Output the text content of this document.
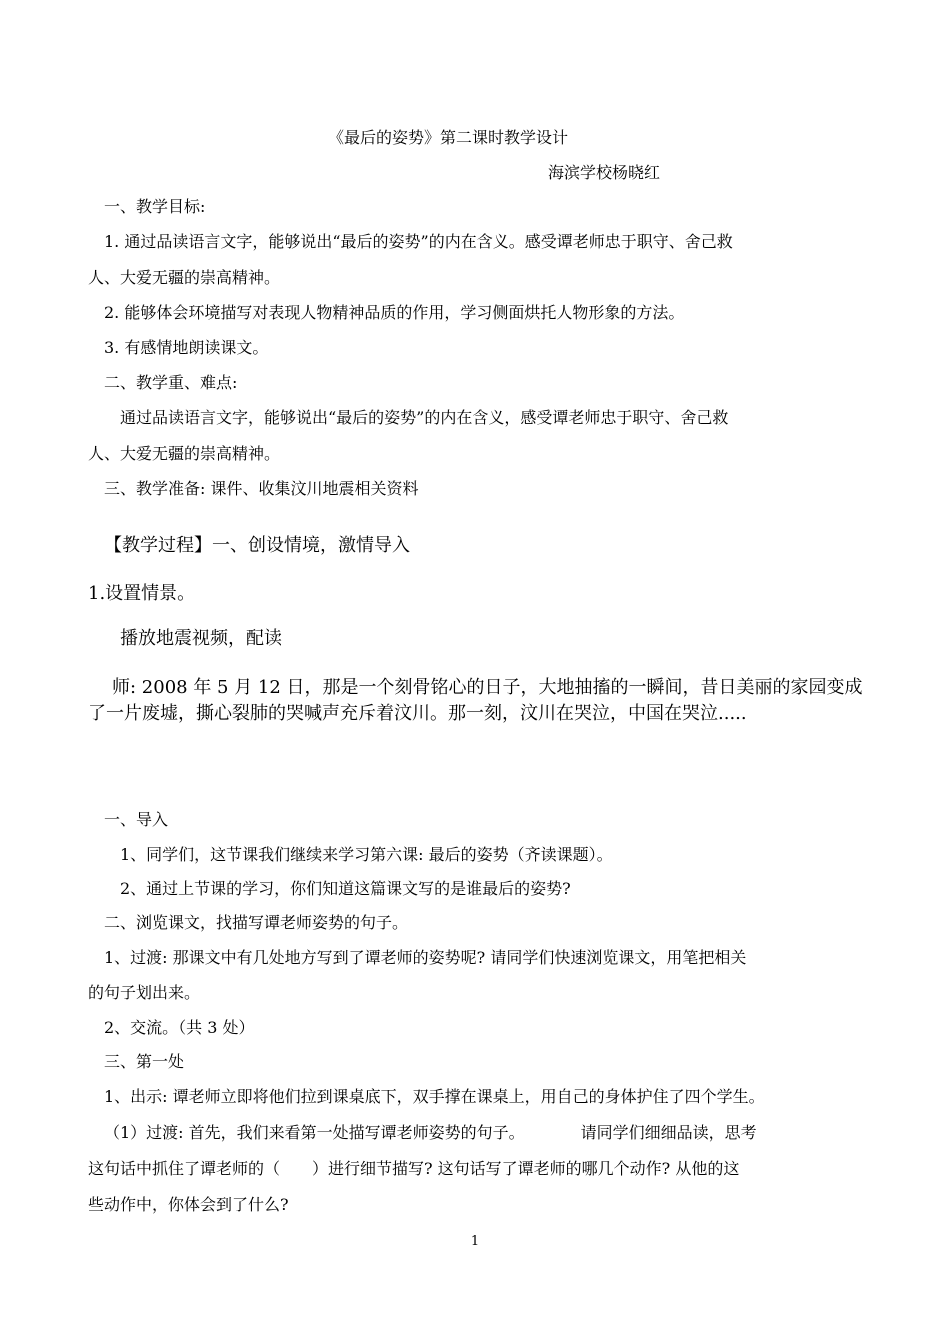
《最后的姿势》第二课时教学设计
海滨学校杨晓红
一、教学目标:
1. 通过品读语言文字，能够说出“最后的姿势”的内在含义。感受谭老师忠于职守、舍己救
人、大爱无疆的崇高精神。
2. 能够体会环境描写对表现人物精神品质的作用，学习侧面烘托人物形象的方法。
3. 有感情地朗读课文。
二、教学重、难点:
通过品读语言文字，能够说出“最后的姿势”的内在含义，感受谭老师忠于职守、舍己救
人、大爱无疆的崇高精神。
三、教学准备: 课件、收集汶川地震相关资料
【教学过程】一、创设情境，激情导入
1.设置情景。
播放地震视频，配读
师: 2008 年 5 月 12 日，那是一个刻骨铭心的日子，大地抽搐的一瞬间，昔日美丽的家园变成了一片废墟，撕心裂肺的哭喊声充斥着汶川。那一刻，汶川在哭泣，中国在哭泣.....
一、导入
1、同学们，这节课我们继续来学习第六课: 最后的姿势（齐读课题）。
2、通过上节课的学习，你们知道这篇课文写的是谁最后的姿势?
二、浏览课文，找描写谭老师姿势的句子。
1、过渡: 那课文中有几处地方写到了谭老师的姿势呢? 请同学们快速浏览课文，用笔把相关
的句子划出来。
2、交流。（共 3 处）
三、第一处
1、出示: 谭老师立即将他们拉到课桌底下，双手撑在课桌上，用自己的身体护住了四个学生。
（1）过渡: 首先，我们来看第一处描写谭老师姿势的句子。　　　　请同学们细细品读，思考
这句话中抓住了谭老师的（　　）进行细节描写? 这句话写了谭老师的哪几个动作? 从他的这
些动作中，你体会到了什么?
1
